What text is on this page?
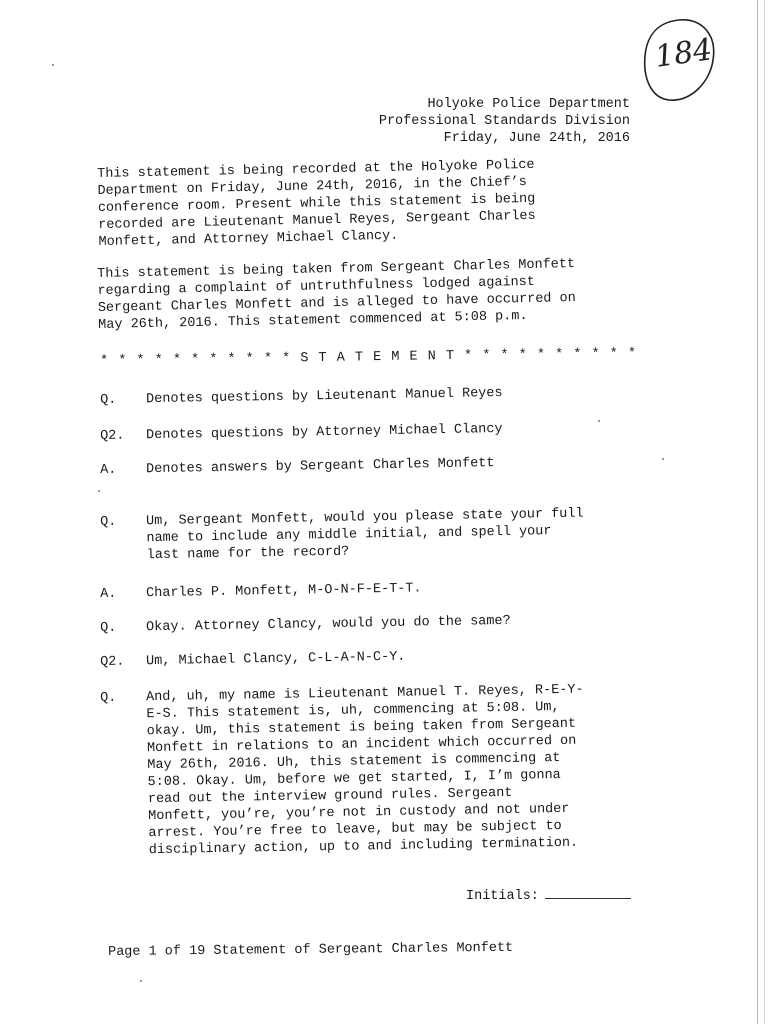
184
Holyoke Police Department
Professional Standards Division
Friday, June 24th, 2016
This statement is being recorded at the Holyoke Police
Department on Friday, June 24th, 2016, in the Chief’s
conference room. Present while this statement is being
recorded are Lieutenant Manuel Reyes, Sergeant Charles
Monfett, and Attorney Michael Clancy.
This statement is being taken from Sergeant Charles Monfett
regarding a complaint of untruthfulness lodged against
Sergeant Charles Monfett and is alleged to have occurred on
May 26th, 2016. This statement commenced at 5:08 p.m.
* * * * * * * * * * * S T A T E M E N T * * * * * * * * * *
Q. Denotes questions by Lieutenant Manuel Reyes
Q2. Denotes questions by Attorney Michael Clancy
A. Denotes answers by Sergeant Charles Monfett
Q. Um, Sergeant Monfett, would you please state your full
name to include any middle initial, and spell your
last name for the record?
A. Charles P. Monfett, M-O-N-F-E-T-T.
Q. Okay. Attorney Clancy, would you do the same?
Q2. Um, Michael Clancy, C-L-A-N-C-Y.
Q. And, uh, my name is Lieutenant Manuel T. Reyes, R-E-Y-
E-S. This statement is, uh, commencing at 5:08. Um,
okay. Um, this statement is being taken from Sergeant
Monfett in relations to an incident which occurred on
May 26th, 2016. Uh, this statement is commencing at
5:08. Okay. Um, before we get started, I, I’m gonna
read out the interview ground rules. Sergeant
Monfett, you’re, you’re not in custody and not under
arrest. You’re free to leave, but may be subject to
disciplinary action, up to and including termination.
Initials:
Page 1 of 19 Statement of Sergeant Charles Monfett
